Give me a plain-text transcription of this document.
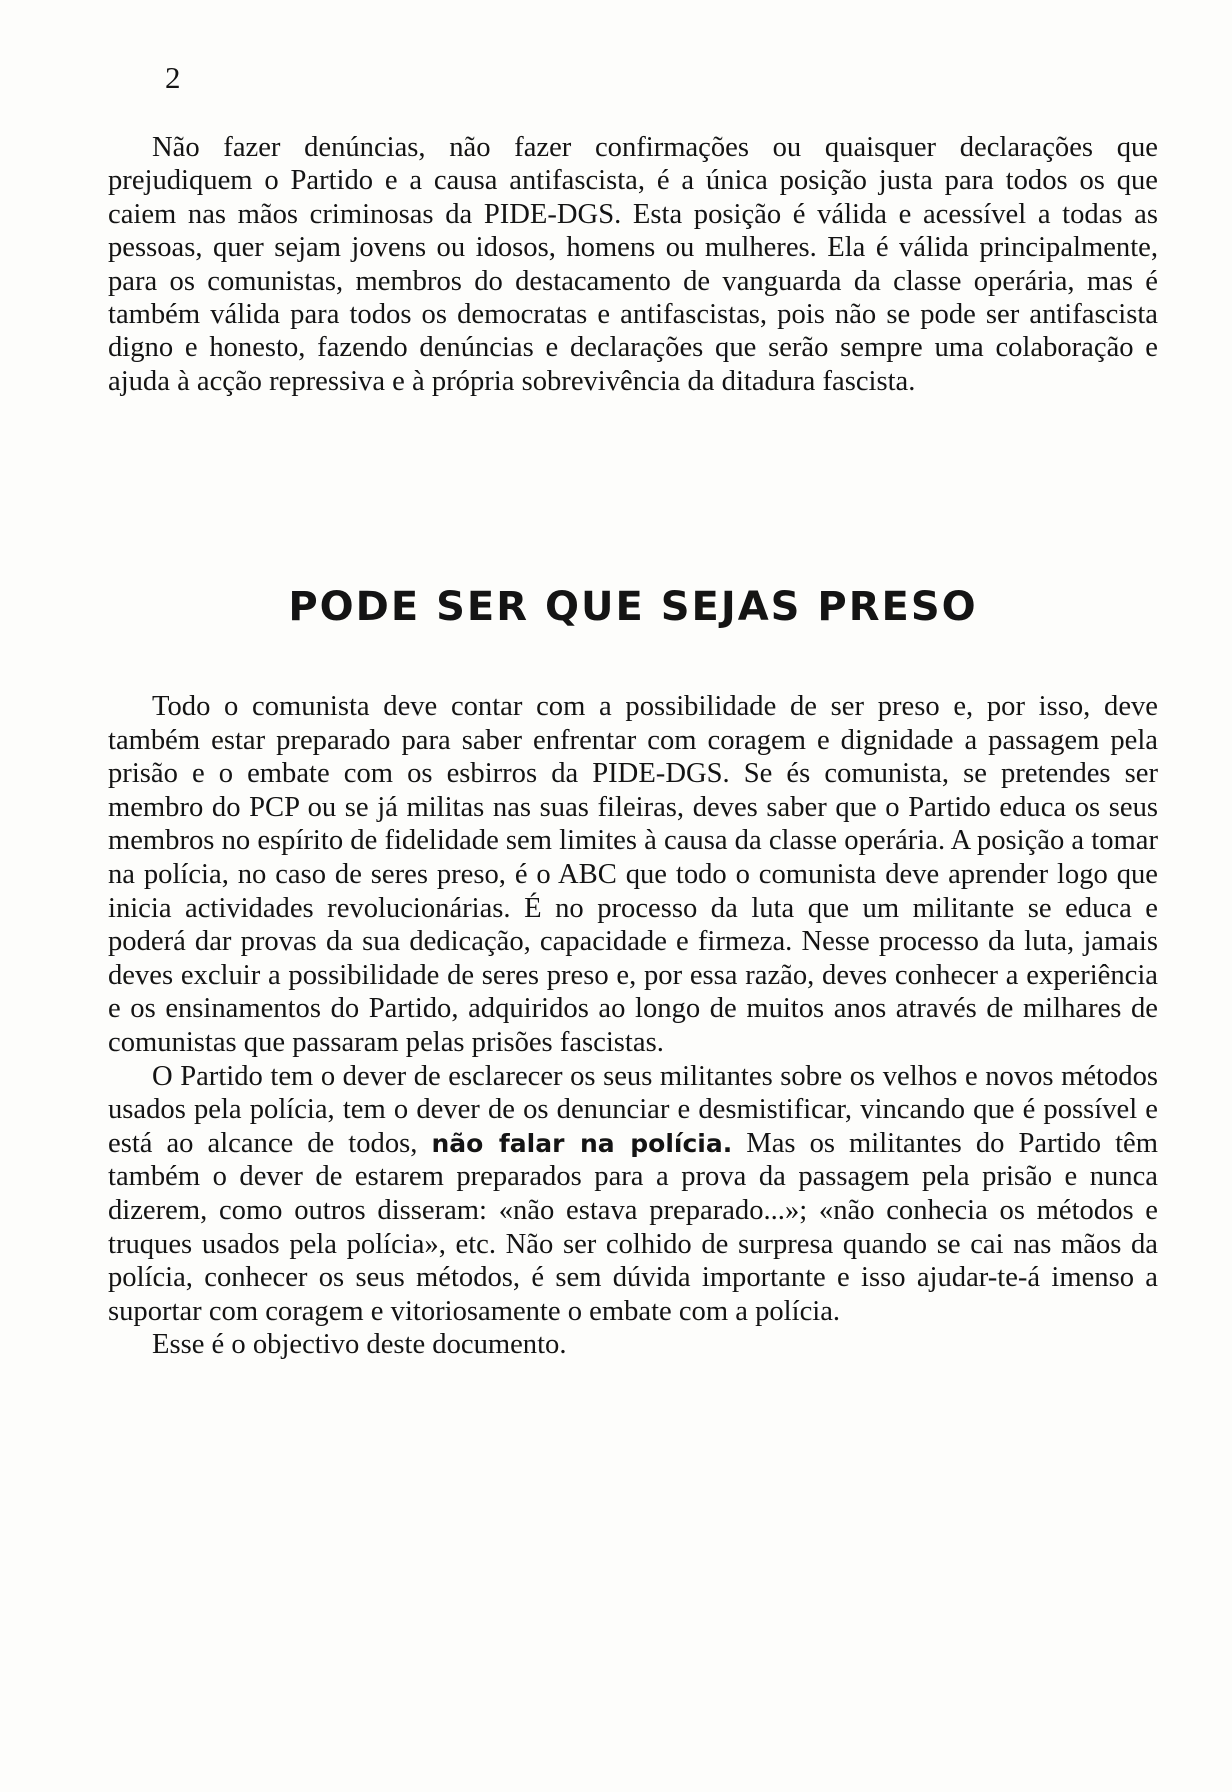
2

Não fazer denúncias, não fazer confirmações ou quaisquer declarações que prejudiquem o Partido e a causa antifascista, é a única posição justa para todos os que caiem nas mãos criminosas da PIDE-DGS. Esta posição é válida e acessível a todas as pessoas, quer sejam jovens ou idosos, homens ou mulheres. Ela é válida principalmente, para os comunistas, membros do destacamento de vanguarda da classe operária, mas é também válida para todos os democratas e antifascistas, pois não se pode ser antifascista digno e honesto, fazendo denúncias e declarações que serão sempre uma colaboração e ajuda à acção repressiva e à própria sobrevivência da ditadura fascista.

PODE SER QUE SEJAS PRESO

Todo o comunista deve contar com a possibilidade de ser preso e, por isso, deve também estar preparado para saber enfrentar com coragem e dignidade a passagem pela prisão e o embate com os esbirros da PIDE-DGS. Se és comunista, se pretendes ser membro do PCP ou se já militas nas suas fileiras, deves saber que o Partido educa os seus membros no espírito de fidelidade sem limites à causa da classe operária. A posição a tomar na polícia, no caso de seres preso, é o ABC que todo o comunista deve aprender logo que inicia actividades revolucionárias. É no processo da luta que um militante se educa e poderá dar provas da sua dedicação, capacidade e firmeza. Nesse processo da luta, jamais deves excluir a possibilidade de seres preso e, por essa razão, deves conhecer a experiência e os ensinamentos do Partido, adquiridos ao longo de muitos anos através de milhares de comunistas que passaram pelas prisões fascistas.

O Partido tem o dever de esclarecer os seus militantes sobre os velhos e novos métodos usados pela polícia, tem o dever de os denunciar e desmistificar, vincando que é possível e está ao alcance de todos, não falar na polícia. Mas os militantes do Partido têm também o dever de estarem preparados para a prova da passagem pela prisão e nunca dizerem, como outros disseram: «não estava preparado...»; «não conhecia os métodos e truques usados pela polícia», etc. Não ser colhido de surpresa quando se cai nas mãos da polícia, conhecer os seus métodos, é sem dúvida importante e isso ajudar-te-á imenso a suportar com coragem e vitoriosamente o embate com a polícia.

Esse é o objectivo deste documento.
